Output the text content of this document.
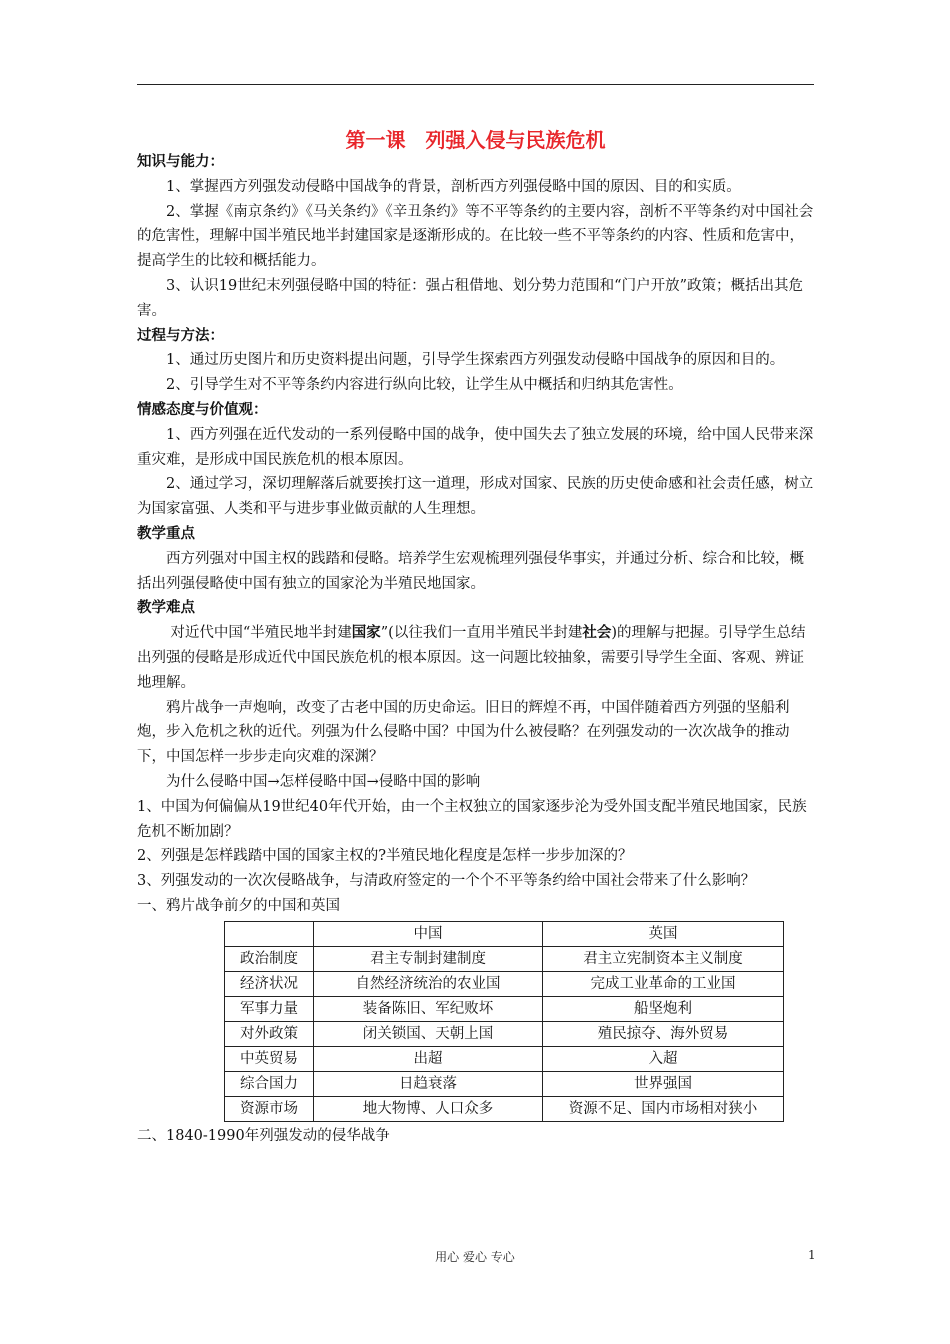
第一课　列强入侵与民族危机

知识与能力：

1、掌握西方列强发动侵略中国战争的背景，剖析西方列强侵略中国的原因、目的和实质。

2、掌握《南京条约》《马关条约》《辛丑条约》等不平等条约的主要内容，剖析不平等条约对中国社会的危害性，理解中国半殖民地半封建国家是逐渐形成的。在比较一些不平等条约的内容、性质和危害中，提高学生的比较和概括能力。

3、认识19世纪末列强侵略中国的特征：强占租借地、划分势力范围和“门户开放”政策；概括出其危害。

过程与方法：

1、通过历史图片和历史资料提出问题，引导学生探索西方列强发动侵略中国战争的原因和目的。

2、引导学生对不平等条约内容进行纵向比较，让学生从中概括和归纳其危害性。

情感态度与价值观：

1、西方列强在近代发动的一系列侵略中国的战争，使中国失去了独立发展的环境，给中国人民带来深重灾难，是形成中国民族危机的根本原因。

2、通过学习，深切理解落后就要挨打这一道理，形成对国家、民族的历史使命感和社会责任感，树立为国家富强、人类和平与进步事业做贡献的人生理想。

教学重点

西方列强对中国主权的践踏和侵略。培养学生宏观梳理列强侵华事实，并通过分析、综合和比较，概括出列强侵略使中国有独立的国家沦为半殖民地国家。

教学难点

对近代中国“半殖民地半封建国家”(以往我们一直用半殖民半封建社会)的理解与把握。引导学生总结出列强的侵略是形成近代中国民族危机的根本原因。这一问题比较抽象，需要引导学生全面、客观、辨证地理解。

鸦片战争一声炮响，改变了古老中国的历史命运。旧日的辉煌不再，中国伴随着西方列强的坚船利炮，步入危机之秋的近代。列强为什么侵略中国？中国为什么被侵略？在列强发动的一次次战争的推动下，中国怎样一步步走向灾难的深渊？

为什么侵略中国→怎样侵略中国→侵略中国的影响

1、中国为何偏偏从19世纪40年代开始，由一个主权独立的国家逐步沦为受外国支配半殖民地国家，民族危机不断加剧？

2、列强是怎样践踏中国的国家主权的?半殖民地化程度是怎样一步步加深的？

3、列强发动的一次次侵略战争，与清政府签定的一个个不平等条约给中国社会带来了什么影响？

一、鸦片战争前夕的中国和英国

	中国	英国
政治制度	君主专制封建制度	君主立宪制资本主义制度
经济状况	自然经济统治的农业国	完成工业革命的工业国
军事力量	装备陈旧、军纪败坏	船坚炮利
对外政策	闭关锁国、天朝上国	殖民掠夺、海外贸易
中英贸易	出超	入超
综合国力	日趋衰落	世界强国
资源市场	地大物博、人口众多	资源不足、国内市场相对狭小

二、1840-1990年列强发动的侵华战争

用心 爱心 专心	1
